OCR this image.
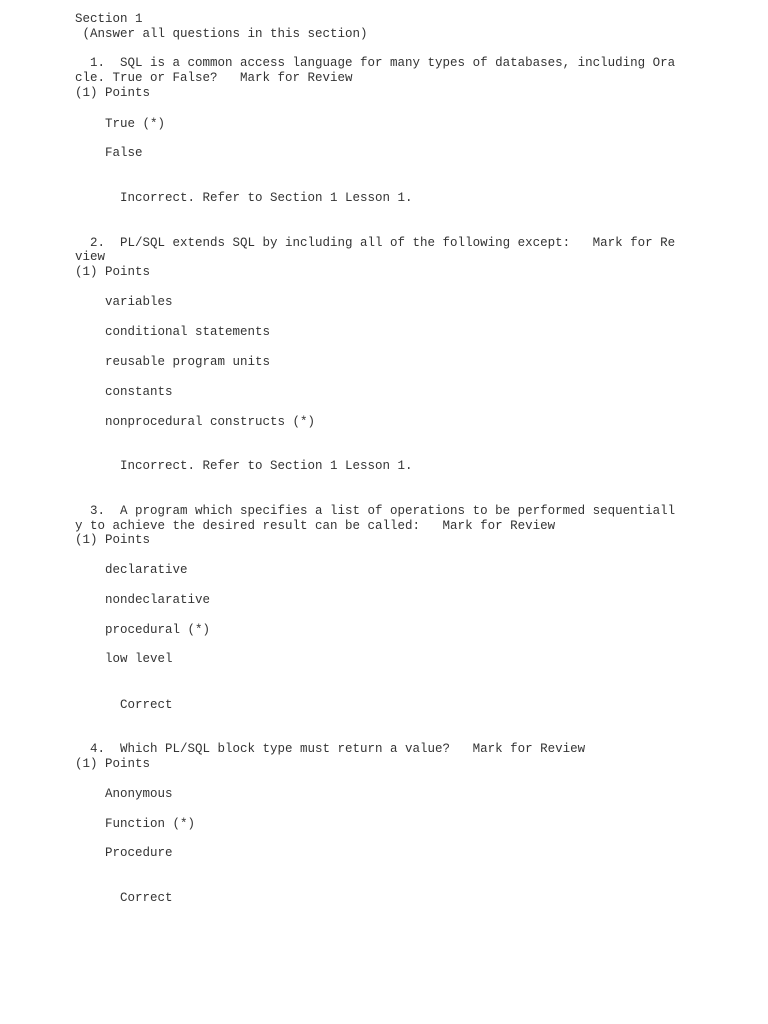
Section 1
(Answer all questions in this section)
1.  SQL is a common access language for many types of databases, including Ora
cle. True or False?   Mark for Review
(1) Points
True (*)
False
Incorrect. Refer to Section 1 Lesson 1.
2.  PL/SQL extends SQL by including all of the following except:   Mark for Re
view
(1) Points
variables
conditional statements
reusable program units
constants
nonprocedural constructs (*)
Incorrect. Refer to Section 1 Lesson 1.
3.  A program which specifies a list of operations to be performed sequentiall
y to achieve the desired result can be called:   Mark for Review
(1) Points
declarative
nondeclarative
procedural (*)
low level
Correct
4.  Which PL/SQL block type must return a value?   Mark for Review
(1) Points
Anonymous
Function (*)
Procedure
Correct
